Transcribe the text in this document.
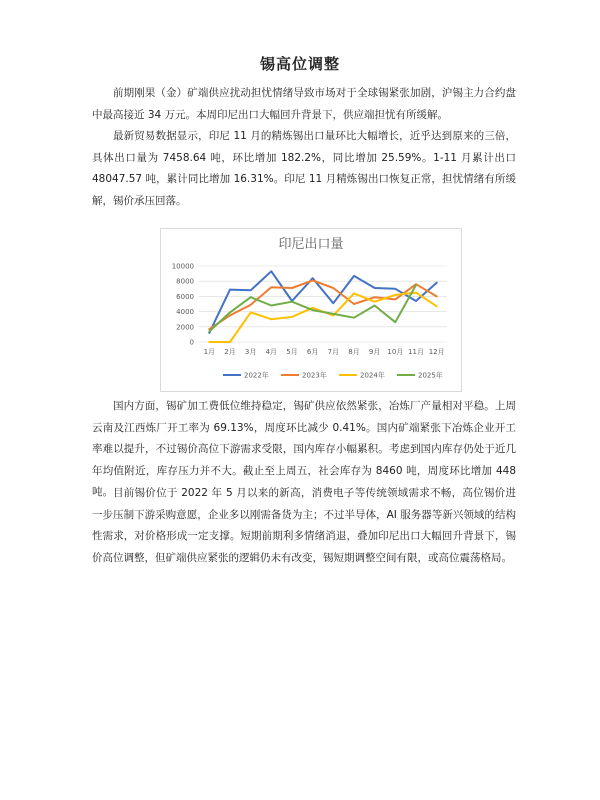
锡高位调整

前期刚果（金）矿端供应扰动担忧情绪导致市场对于全球锡紧张加剧，沪锡主力合约盘中最高接近 34 万元。本周印尼出口大幅回升背景下，供应端担忧有所缓解。

最新贸易数据显示，印尼 11 月的精炼锡出口量环比大幅增长，近乎达到原来的三倍，具体出口量为 7458.64 吨，环比增加 182.2%，同比增加 25.59%。1-11 月累计出口 48047.57 吨，累计同比增加 16.31%。印尼 11 月精炼锡出口恢复正常，担忧情绪有所缓解，锡价承压回落。

印尼出口量
10000
8000
6000
4000
2000
0
1月 2月 3月 4月 5月 6月 7月 8月 9月 10月 11月 12月
2022年	2023年	2024年	2025年

国内方面，锡矿加工费低位维持稳定，锡矿供应依然紧张，冶炼厂产量相对平稳。上周云南及江西炼厂开工率为 69.13%，周度环比减少 0.41%。国内矿端紧张下冶炼企业开工率难以提升，不过锡价高位下游需求受限，国内库存小幅累积。考虑到国内库存仍处于近几年均值附近，库存压力并不大。截止至上周五，社会库存为 8460 吨，周度环比增加 448 吨。 目前锡价位于 2022 年 5 月以来的新高，消费电子等传统领域需求不畅，高位锡价进一步压制下游采购意愿，企业多以刚需备货为主；不过半导体，AI 服务器等新兴领域的结构性需求，对价格形成一定支撑。短期前期利多情绪消退，叠加印尼出口大幅回升背景下，锡价高位调整，但矿端供应紧张的逻辑仍未有改变，锡短期调整空间有限，或高位震荡格局。
